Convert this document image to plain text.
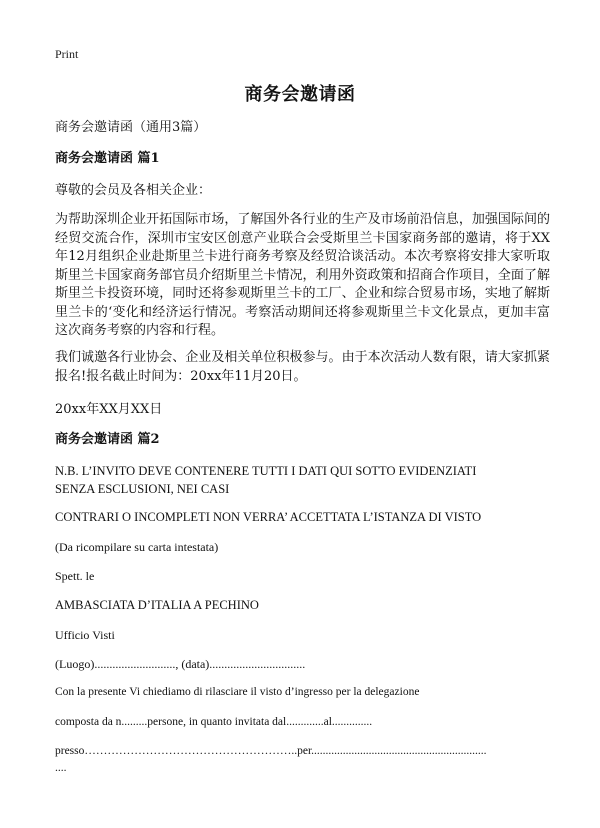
Print
商务会邀请函
商务会邀请函（通用3篇）
商务会邀请函 篇1
尊敬的会员及各相关企业：
为帮助深圳企业开拓国际市场，了解国外各行业的生产及市场前沿信息，加强国际间的经贸交流合作，深圳市宝安区创意产业联合会受斯里兰卡国家商务部的邀请，将于XX年12月组织企业赴斯里兰卡进行商务考察及经贸洽谈活动。本次考察将安排大家听取斯里兰卡国家商务部官员介绍斯里兰卡情况，利用外资政策和招商合作项目，全面了解斯里兰卡投资环境，同时还将参观斯里兰卡的工厂、企业和综合贸易市场，实地了解斯里兰卡的‘变化和经济运行情况。考察活动期间还将参观斯里兰卡文化景点，更加丰富这次商务考察的内容和行程。
我们诚邀各行业协会、企业及相关单位积极参与。由于本次活动人数有限，请大家抓紧报名!报名截止时间为：20xx年11月20日。
20xx年XX月XX日
商务会邀请函 篇2
N.B. L’INVITO DEVE CONTENERE TUTTI I DATI QUI SOTTO EVIDENZIATI
SENZA ESCLUSIONI, NEI CASI
CONTRARI O INCOMPLETI NON VERRA’ ACCETTATA L’ISTANZA DI VISTO
(Da ricompilare su carta intestata)
Spett. le
AMBASCIATA D’ITALIA A PECHINO
Ufficio Visti
(Luogo)..........................., (data)................................
Con la presente Vi chiediamo di rilasciare il visto d’ingresso per la delegazione
composta da n.........persone, in quanto invitata dal.............al..............
presso………………………………………………..per.............................................................
....
